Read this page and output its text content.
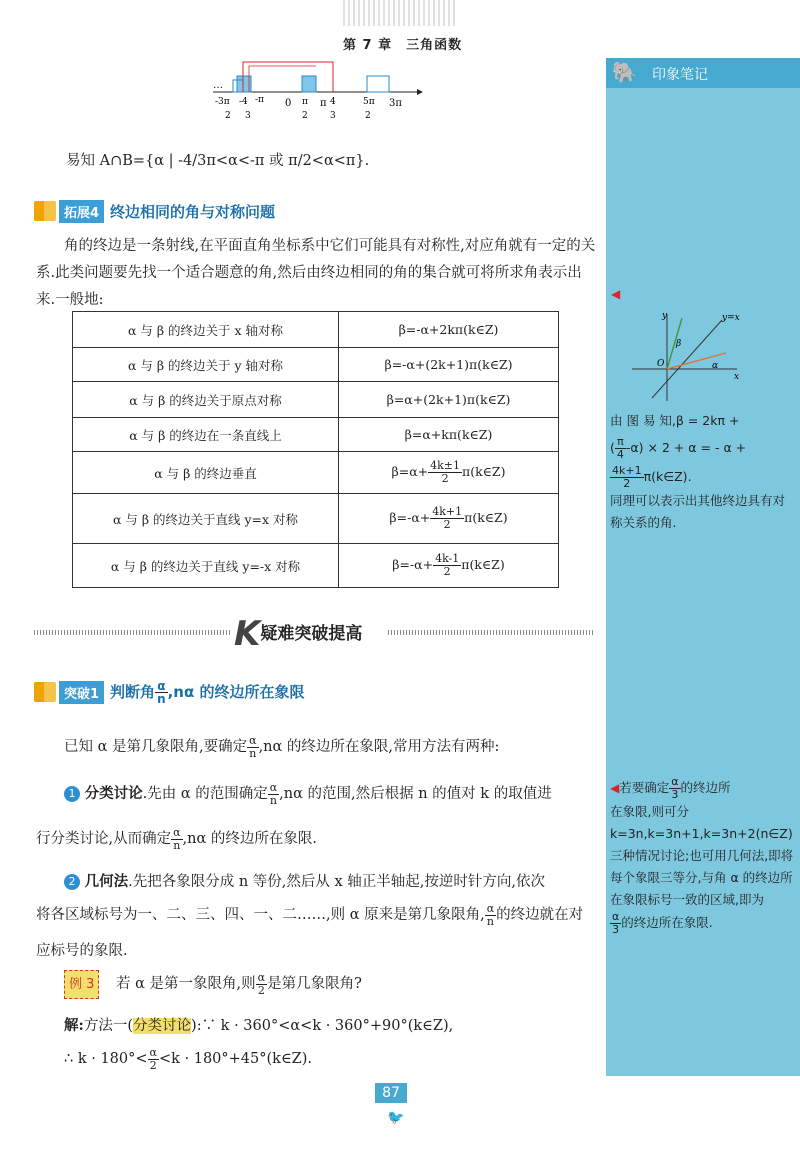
第 7 章　三角函数
…
0	π
-π	3π
-3π
2
-4
3
π
2
4
3
5π
2
易知 A∩B={α | -4/3π<α<-π 或 π/2<α<π}.
拓展4 终边相同的角与对称问题
角的终边是一条射线,在平面直角坐标系中它们可能具有对称性,对应角就有一定的关系.此类问题要先找一个适合题意的角,然后由终边相同的角的集合就可将所求角表示出来.一般地:
α 与 β 的终边关于 x 轴对称	β=-α+2kπ(k∈Z)
α 与 β 的终边关于 y 轴对称	β=-α+(2k+1)π(k∈Z)
α 与 β 的终边关于原点对称	β=α+(2k+1)π(k∈Z)
α 与 β 的终边在一条直线上	β=α+kπ(k∈Z)
α 与 β 的终边垂直	$\beta=\alpha+ \frac{4k\pm 1}{2}$ π(k∈Z)
α 与 β 的终边关于直线 y=x 对称	$\beta=-\alpha+ \frac{4k+1}{2}$ π(k∈Z)
α 与 β 的终边关于直线 y=-x 对称	$\beta=-\alpha+ \frac{4k-1}{2}$ π(k∈Z)
K疑难突破提高
突破1 判断角 $\frac{\alpha}{n} ,n\alpha$ 的终边所在象限
已知 α 是第几象限角,要确定 $\frac{\alpha}{n} ,n\alpha$ 的终边所在象限,常用方法有两种:
1 分类讨论.先由 α 的范围确定 $\frac{\alpha}{n} ,n\alpha$ 的范围,然后根据 n 的值对 k 的取值进
行分类讨论,从而确定 $\frac{\alpha}{n} ,n\alpha$ 的终边所在象限.
2 几何法.先把各象限分成 n 等份,然后从 x 轴正半轴起,按逆时针方向,依次
将各区域标号为一、二、三、四、一、二……,则 α 原来是第几象限角, $\frac{\alpha}{n}$ 的终边就在对
应标号的象限.
例 3 若 α 是第一象限角,则 $\frac{\alpha}{2}$ 是第几象限角?
解:方法一(分类讨论):∵ k · 360°<α<k · 360°+90°(k∈Z),
∴ $k \cdot 180^\circ< \frac{\alpha}{2} <k$ · 180°+45°(k∈Z).
🐘 印象笔记
◀
y	y=x
β
α
x
O
由 图 易 知,β = 2kπ +
( $\frac{\pi}{4} -\alpha) \times 2 + \alpha$ = - α +
$\frac{4k+1}{2}$ π(k∈Z).
同理可以表示出其他终边具有对称关系的角.
◀若要确定 $\frac{\alpha}{3}$ 的终边所
在象限,则可分 k=3n,k=3n+1,k=3n+2(n∈Z)三种情况讨论;也可用几何法,即将每个象限三等分,与角 α 的终边所在象限标号一致的区域,即为
$\frac{\alpha}{3}$ 的终边所在象限.
87
🐦
